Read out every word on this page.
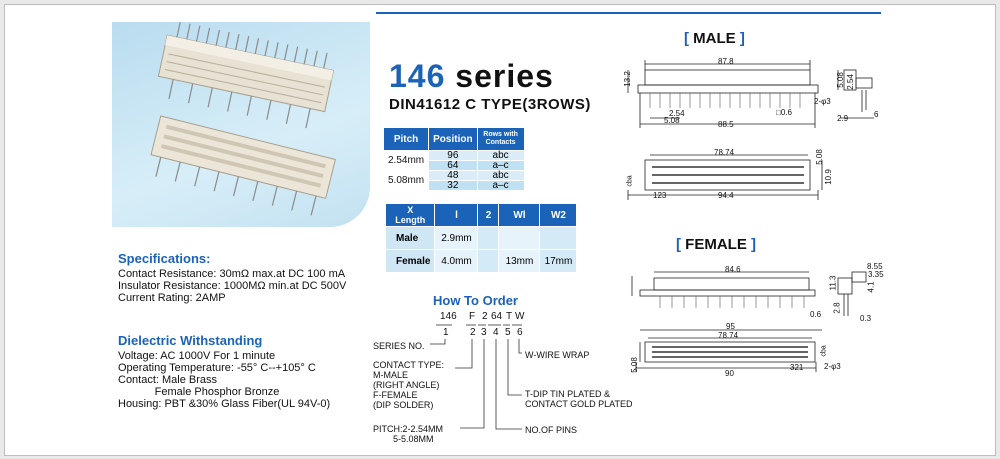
146 series
DIN41612 C TYPE(3ROWS)
Pitch	Position	Rows with Contacts
2.54mm	96	abc
	64	a–c
5.08mm	48	abc
	32	a–c
X Length	l	2	Wl	W2
Male	2.9mm			
Female	4.0mm		13mm	17mm
Specifications:
Contact Resistance: 30mΩ max.at DC 100 mA
Insulator Resistance: 1000MΩ min.at DC 500V
Current Rating: 2AMP
Dielectric Withstanding
Voltage: AC 1000V For 1 minute
Operating Temperature: -55° C--+105° C
Contact: Male Brass
Female Phosphor Bronze
Housing: PBT &30% Glass Fiber(UL 94V-0)
How To Order
146 F 2 64 T W
1 2 3 4 5 6
SERIES NO.
CONTACT TYPE:
M-MALE
(RIGHT ANGLE)
F-FEMALE
(DIP SOLDER)
PITCH:2-2.54MM
5-5.08MM
W-WIRE WRAP
T-DIP TIN PLATED &
CONTACT GOLD PLATED
NO.OF PINS
[ MALE ]
87.8
13.2
2.54
5.08	88.5
□0.6
2-φ3
5.08 2.54
2.9	6
78.74	5.08
10.9
123	94.4
cba
[ FEMALE ]
84.6
11.3
2.8
0.6
8.55
3.35
4.1
0.3
95
78.74
90
5.08	321	2-φ3
cba
